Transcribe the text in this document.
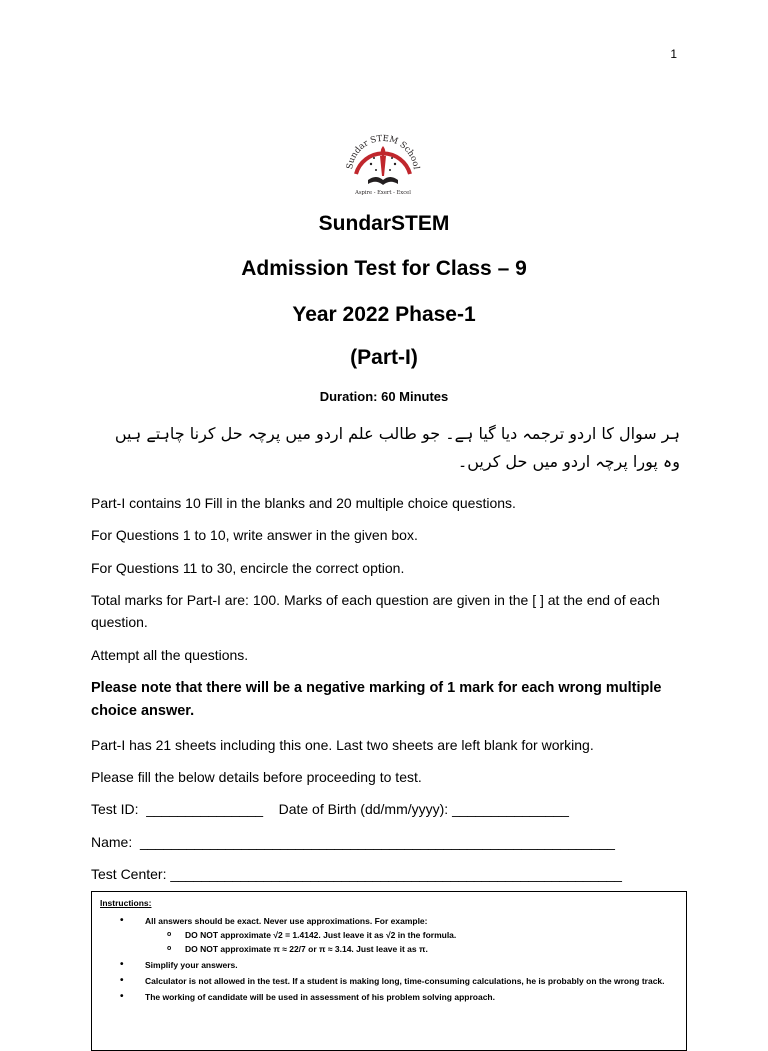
1
Sundar STEM School
Aspire - Exert - Excel
SundarSTEM
Admission Test for Class – 9
Year 2022 Phase-1
(Part-I)
Duration: 60 Minutes
ہر سوال کا اردو ترجمہ دیا گیا ہے۔ جو طالب علم اردو میں پرچہ حل کرنا چاہتے ہیں وہ پورا پرچہ اردو میں حل کریں۔
Part-I contains 10 Fill in the blanks and 20 multiple choice questions.
For Questions 1 to 10, write answer in the given box.
For Questions 11 to 30, encircle the correct option.
Total marks for Part-I are: 100. Marks of each question are given in the [ ] at the end of each question.
Attempt all the questions.
Please note that there will be a negative marking of 1 mark for each wrong multiple choice answer.
Part-I has 21 sheets including this one. Last two sheets are left blank for working.
Please fill the below details before proceeding to test.
Test ID:  _______________    Date of Birth (dd/mm/yyyy): _______________
Name:  _____________________________________________________________
Test Center: __________________________________________________________
Instructions:
• All answers should be exact. Never use approximations. For example:
o DO NOT approximate √2 = 1.4142. Just leave it as √2 in the formula.
o DO NOT approximate π ≈ 22/7 or π ≈ 3.14. Just leave it as π.
• Simplify your answers.
• Calculator is not allowed in the test. If a student is making long, time-consuming calculations, he is probably on the wrong track.
• The working of candidate will be used in assessment of his problem solving approach.
